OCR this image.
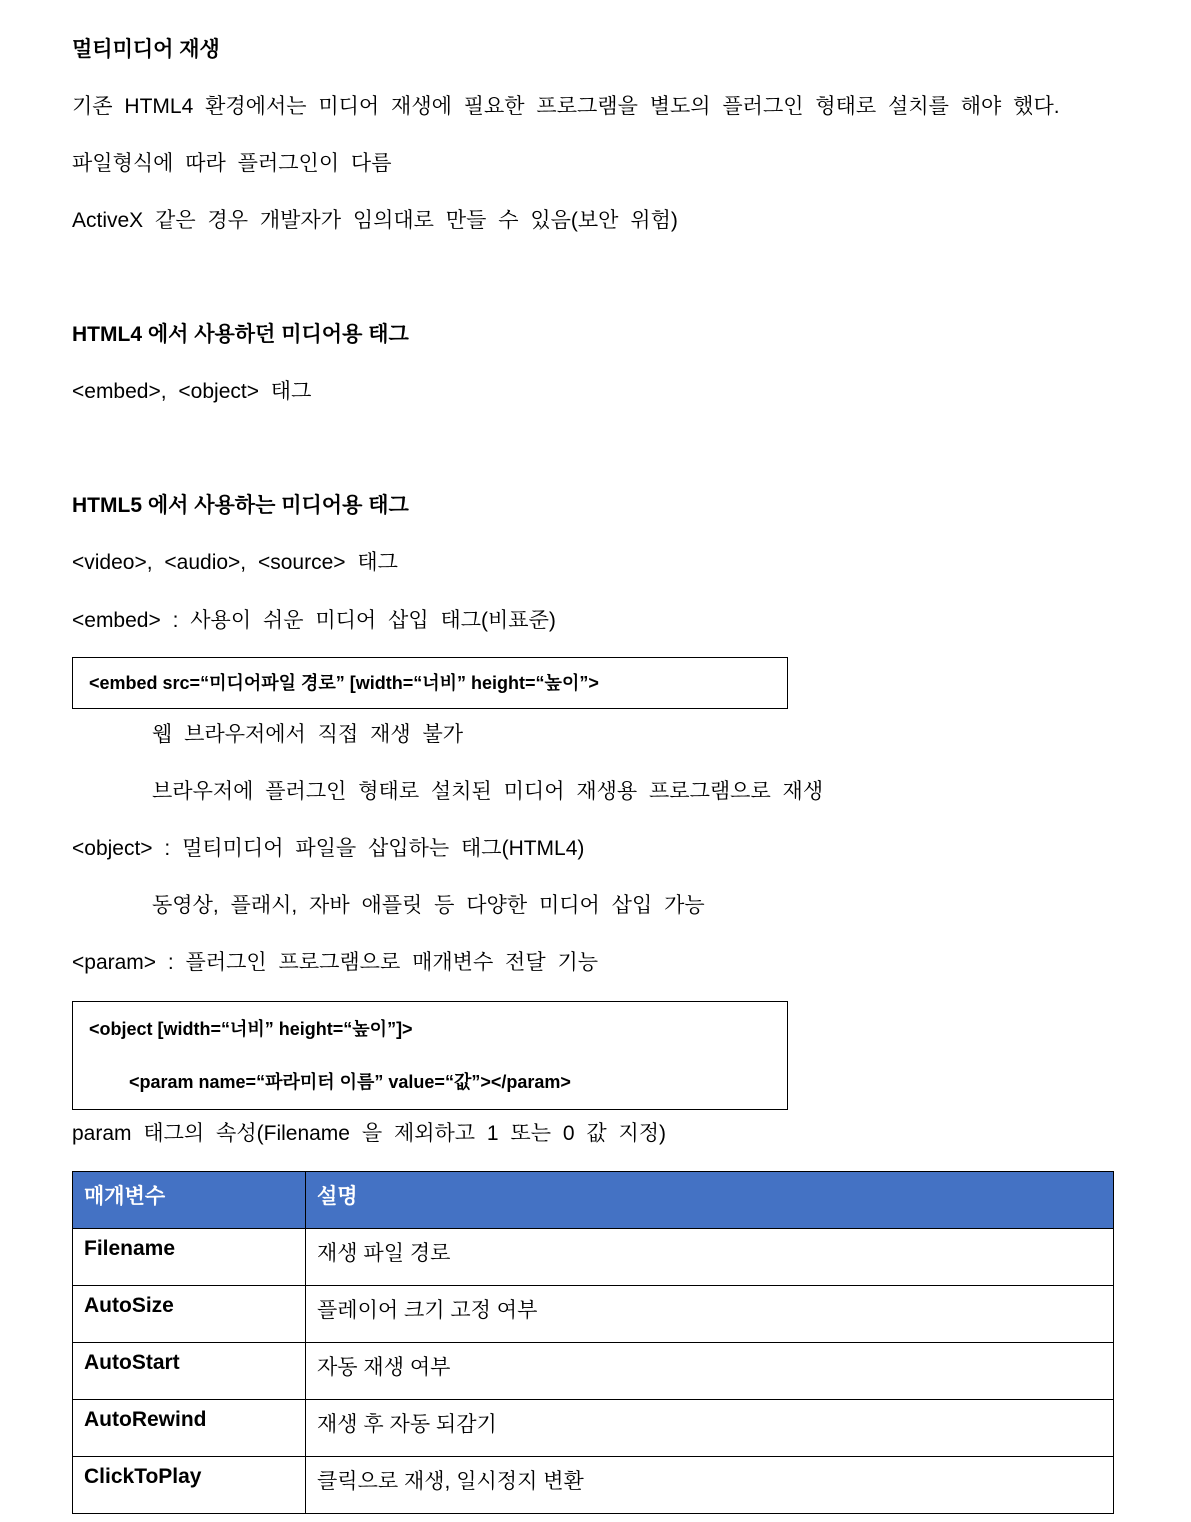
멀티미디어 재생
기존 HTML4 환경에서는 미디어 재생에 필요한 프로그램을 별도의 플러그인 형태로 설치를 해야 했다.
파일형식에 따라 플러그인이 다름
ActiveX 같은 경우 개발자가 임의대로 만들 수 있음(보안 위험)
HTML4 에서 사용하던 미디어용 태그
<embed>, <object> 태그
HTML5 에서 사용하는 미디어용 태그
<video>, <audio>, <source> 태그
<embed> : 사용이 쉬운 미디어 삽입 태그(비표준)
<embed src=“미디어파일 경로” [width=“너비” height=“높이”>
웹 브라우저에서 직접 재생 불가
브라우저에 플러그인 형태로 설치된 미디어 재생용 프로그램으로 재생
<object> : 멀티미디어 파일을 삽입하는 태그(HTML4)
동영상, 플래시, 자바 애플릿 등 다양한 미디어 삽입 가능
<param> : 플러그인 프로그램으로 매개변수 전달 기능
<object [width=“너비” height=“높이”]>
<param name=“파라미터 이름” value=“값”></param>
param 태그의 속성(Filename 을 제외하고 1 또는 0 값 지정)
매개변수	설명
Filename	재생 파일 경로
AutoSize	플레이어 크기 고정 여부
AutoStart	자동 재생 여부
AutoRewind	재생 후 자동 되감기
ClickToPlay	클릭으로 재생, 일시정지 변환
